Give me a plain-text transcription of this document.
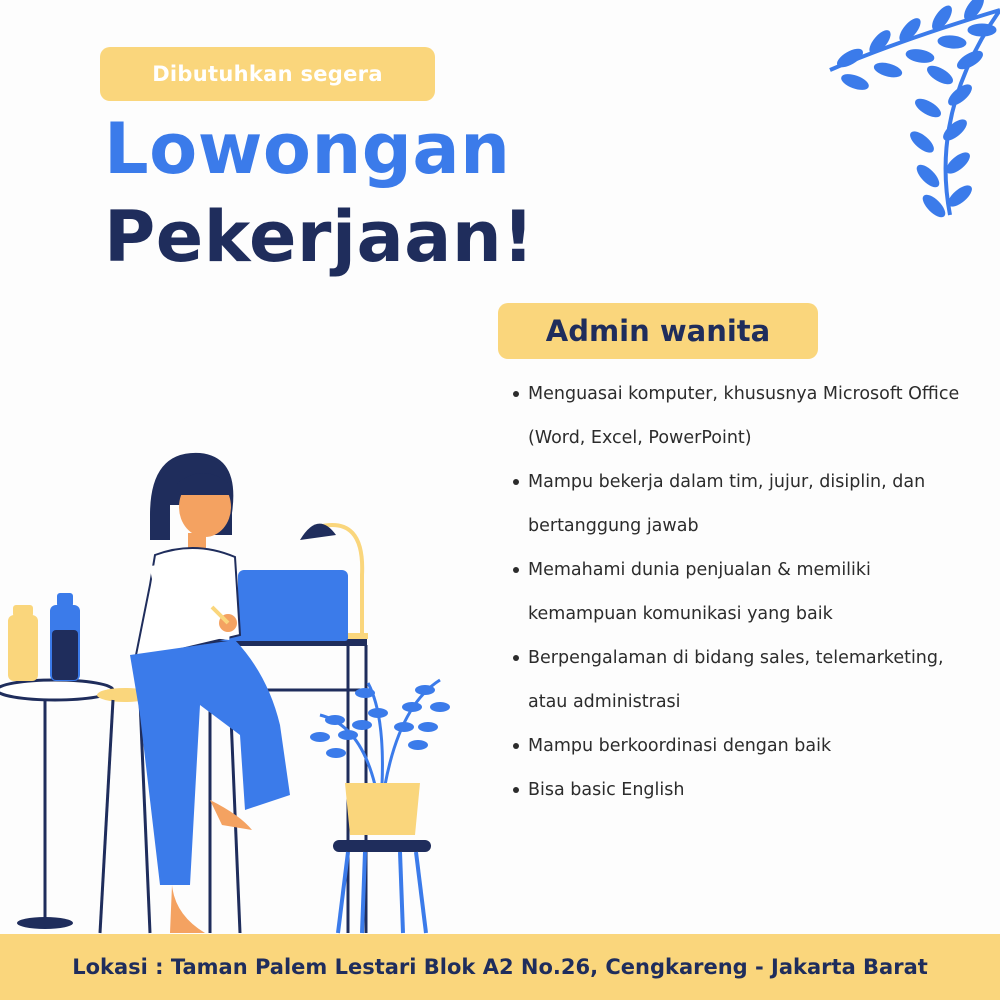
Dibutuhkan segera
Lowongan
Pekerjaan!
Admin wanita
Menguasai komputer, khususnya Microsoft Office (Word, Excel, PowerPoint)
Mampu bekerja dalam tim, jujur, disiplin, dan bertanggung jawab
Memahami dunia penjualan & memiliki kemampuan komunikasi yang baik
Berpengalaman di bidang sales, telemarketing, atau administrasi
Mampu berkoordinasi dengan baik
Bisa basic English
Lokasi : Taman Palem Lestari Blok A2 No.26, Cengkareng - Jakarta Barat
